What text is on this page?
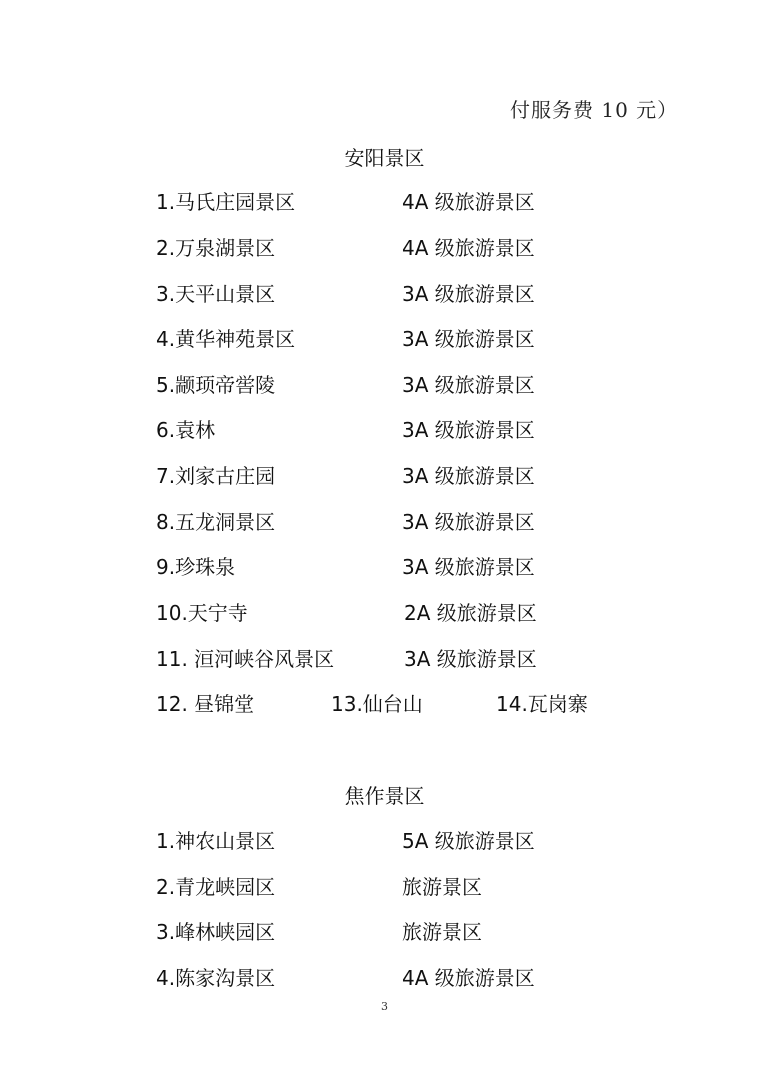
付服务费 10 元）
安阳景区
1.马氏庄园景区	4A 级旅游景区
2.万泉湖景区	4A 级旅游景区
3.天平山景区	3A 级旅游景区
4.黄华神苑景区	3A 级旅游景区
5.颛顼帝喾陵	3A 级旅游景区
6.袁林	3A 级旅游景区
7.刘家古庄园	3A 级旅游景区
8.五龙洞景区	3A 级旅游景区
9.珍珠泉	3A 级旅游景区
10.天宁寺	2A 级旅游景区
11. 洹河峡谷风景区	3A 级旅游景区
12. 昼锦堂	13.仙台山	14.瓦岗寨
焦作景区
1.神农山景区	5A 级旅游景区
2.青龙峡园区	旅游景区
3.峰林峡园区	旅游景区
4.陈家沟景区	4A 级旅游景区
3
